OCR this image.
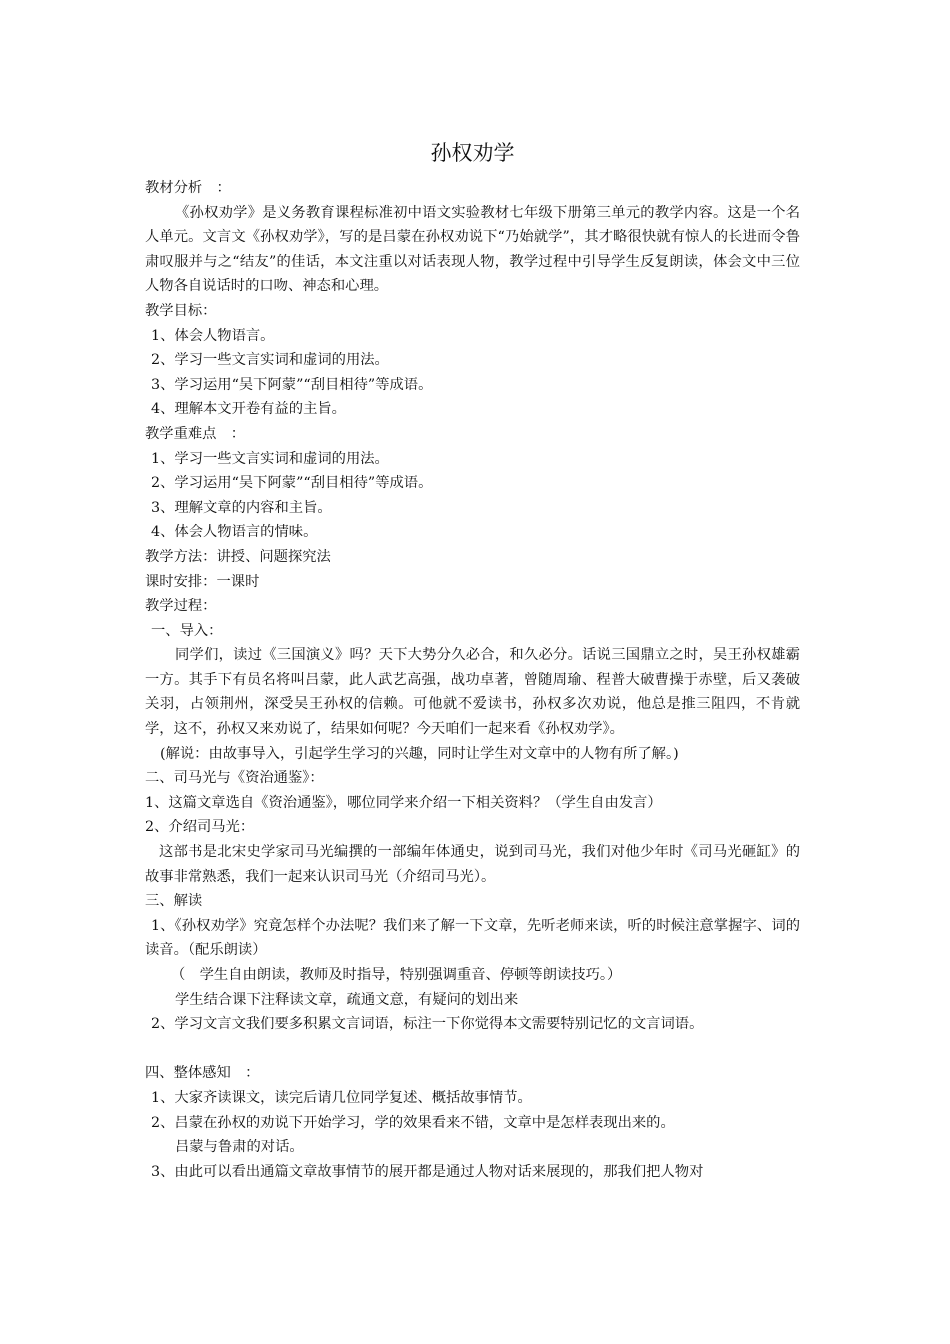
孙权劝学
教材分析　：
《孙权劝学》是义务教育课程标准初中语文实验教材七年级下册第三单元的教学内容。这是一个名人单元。文言文《孙权劝学》，写的是吕蒙在孙权劝说下“乃始就学”，其才略很快就有惊人的长进而令鲁肃叹服并与之“结友”的佳话，本文注重以对话表现人物，教学过程中引导学生反复朗读，体会文中三位人物各自说话时的口吻、神态和心理。
教学目标：
1、体会人物语言。
2、学习一些文言实词和虚词的用法。
3、学习运用“吴下阿蒙”“刮目相待”等成语。
4、理解本文开卷有益的主旨。
教学重难点　：
1、学习一些文言实词和虚词的用法。
2、学习运用“吴下阿蒙”“刮目相待”等成语。
3、理解文章的内容和主旨。
4、体会人物语言的情味。
教学方法：讲授、问题探究法
课时安排：一课时
教学过程：
一、导入：
同学们，读过《三国演义》吗？天下大势分久必合，和久必分。话说三国鼎立之时，吴王孙权雄霸一方。其手下有员名将叫吕蒙，此人武艺高强，战功卓著，曾随周瑜、程普大破曹操于赤壁，后又袭破关羽，占领荆州，深受吴王孙权的信赖。可他就不爱读书，孙权多次劝说，他总是推三阻四，不肯就学，这不，孙权又来劝说了，结果如何呢？今天咱们一起来看《孙权劝学》。
(解说：由故事导入，引起学生学习的兴趣，同时让学生对文章中的人物有所了解。)
二、司马光与《资治通鉴》：
1、这篇文章选自《资治通鉴》，哪位同学来介绍一下相关资料？（学生自由发言）
2、介绍司马光：
这部书是北宋史学家司马光编撰的一部编年体通史，说到司马光，我们对他少年时《司马光砸缸》的故事非常熟悉，我们一起来认识司马光（介绍司马光）。
三、解读
1、《孙权劝学》究竟怎样个办法呢？我们来了解一下文章，先听老师来读，听的时候注意掌握字、词的读音。（配乐朗读）
（　学生自由朗读，教师及时指导，特别强调重音、停顿等朗读技巧。）
学生结合课下注释读文章，疏通文意，有疑问的划出来
2、学习文言文我们要多积累文言词语，标注一下你觉得本文需要特别记忆的文言词语。
四、整体感知　：
1、大家齐读课文，读完后请几位同学复述、概括故事情节。
2、吕蒙在孙权的劝说下开始学习，学的效果看来不错，文章中是怎样表现出来的。
吕蒙与鲁肃的对话。
3、由此可以看出通篇文章故事情节的展开都是通过人物对话来展现的，那我们把人物对
